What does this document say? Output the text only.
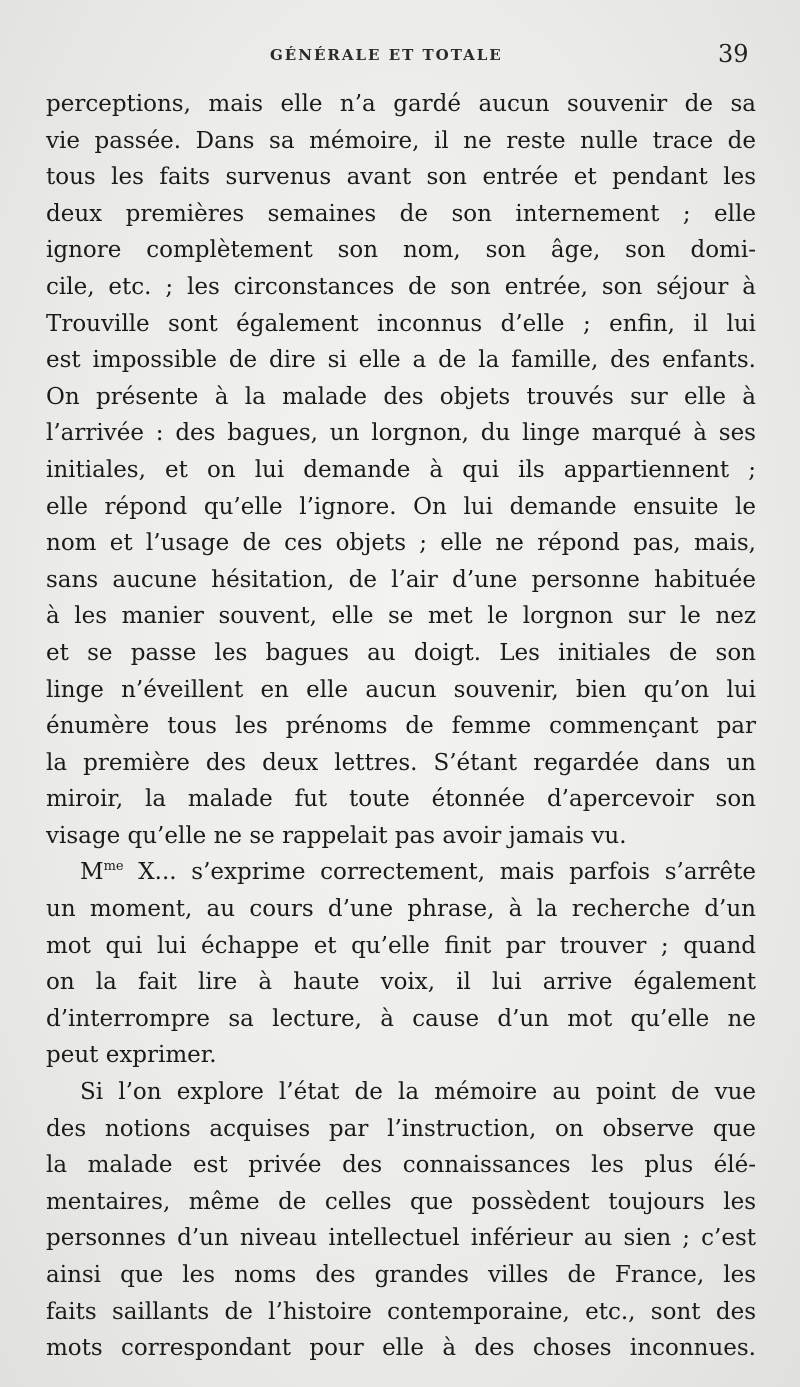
GÉNÉRALE ET TOTALE	39
perceptions, mais elle n’a gardé aucun souvenir de sa
vie passée. Dans sa mémoire, il ne reste nulle trace de
tous les faits survenus avant son entrée et pendant les
deux premières semaines de son internement ; elle
ignore complètement son nom, son âge, son domi-
cile, etc. ; les circonstances de son entrée, son séjour à
Trouville sont également inconnus d’elle ; enfin, il lui
est impossible de dire si elle a de la famille, des enfants.
On présente à la malade des objets trouvés sur elle à
l’arrivée : des bagues, un lorgnon, du linge marqué à ses
initiales, et on lui demande à qui ils appartiennent ;
elle répond qu’elle l’ignore. On lui demande ensuite le
nom et l’usage de ces objets ; elle ne répond pas, mais,
sans aucune hésitation, de l’air d’une personne habituée
à les manier souvent, elle se met le lorgnon sur le nez
et se passe les bagues au doigt. Les initiales de son
linge n’éveillent en elle aucun souvenir, bien qu’on lui
énumère tous les prénoms de femme commençant par
la première des deux lettres. S’étant regardée dans un
miroir, la malade fut toute étonnée d’apercevoir son
visage qu’elle ne se rappelait pas avoir jamais vu.
$M^{me}$ X... s’exprime correctement, mais parfois s’arrête
un moment, au cours d’une phrase, à la recherche d’un
mot qui lui échappe et qu’elle finit par trouver ; quand
on la fait lire à haute voix, il lui arrive également
d’interrompre sa lecture, à cause d’un mot qu’elle ne
peut exprimer.
Si l’on explore l’état de la mémoire au point de vue
des notions acquises par l’instruction, on observe que
la malade est privée des connaissances les plus élé-
mentaires, même de celles que possèdent toujours les
personnes d’un niveau intellectuel inférieur au sien ; c’est
ainsi que les noms des grandes villes de France, les
faits saillants de l’histoire contemporaine, etc., sont des
mots correspondant pour elle à des choses inconnues.
